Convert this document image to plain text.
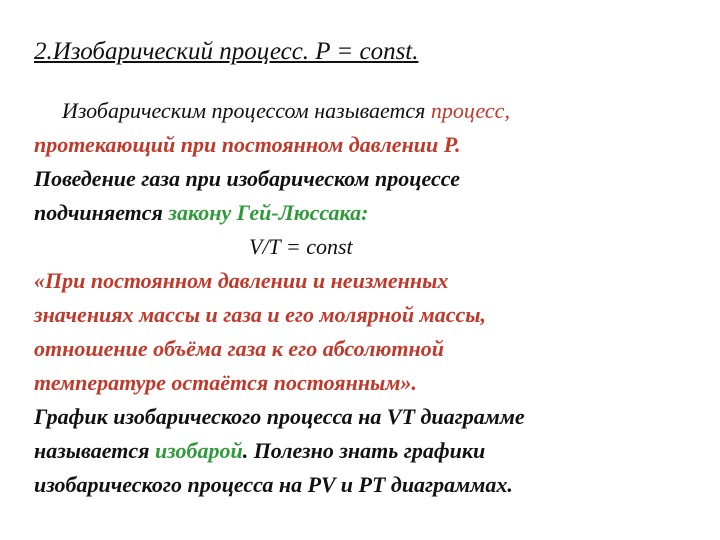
2.Изобарический процесс. P = const.
Изобарическим процессом называется процесс,
протекающий при постоянном давлении Р.
Поведение газа при изобарическом процессе
подчиняется закону Гей-Люссака:
V/T = const
«При постоянном давлении и неизменных
значениях массы и газа и его молярной массы,
отношение объёма газа к его абсолютной
температуре остаётся постоянным».
График изобарического процесса на VT диаграмме
называется изобарой. Полезно знать графики
изобарического процесса на PV и PT диаграммах.
